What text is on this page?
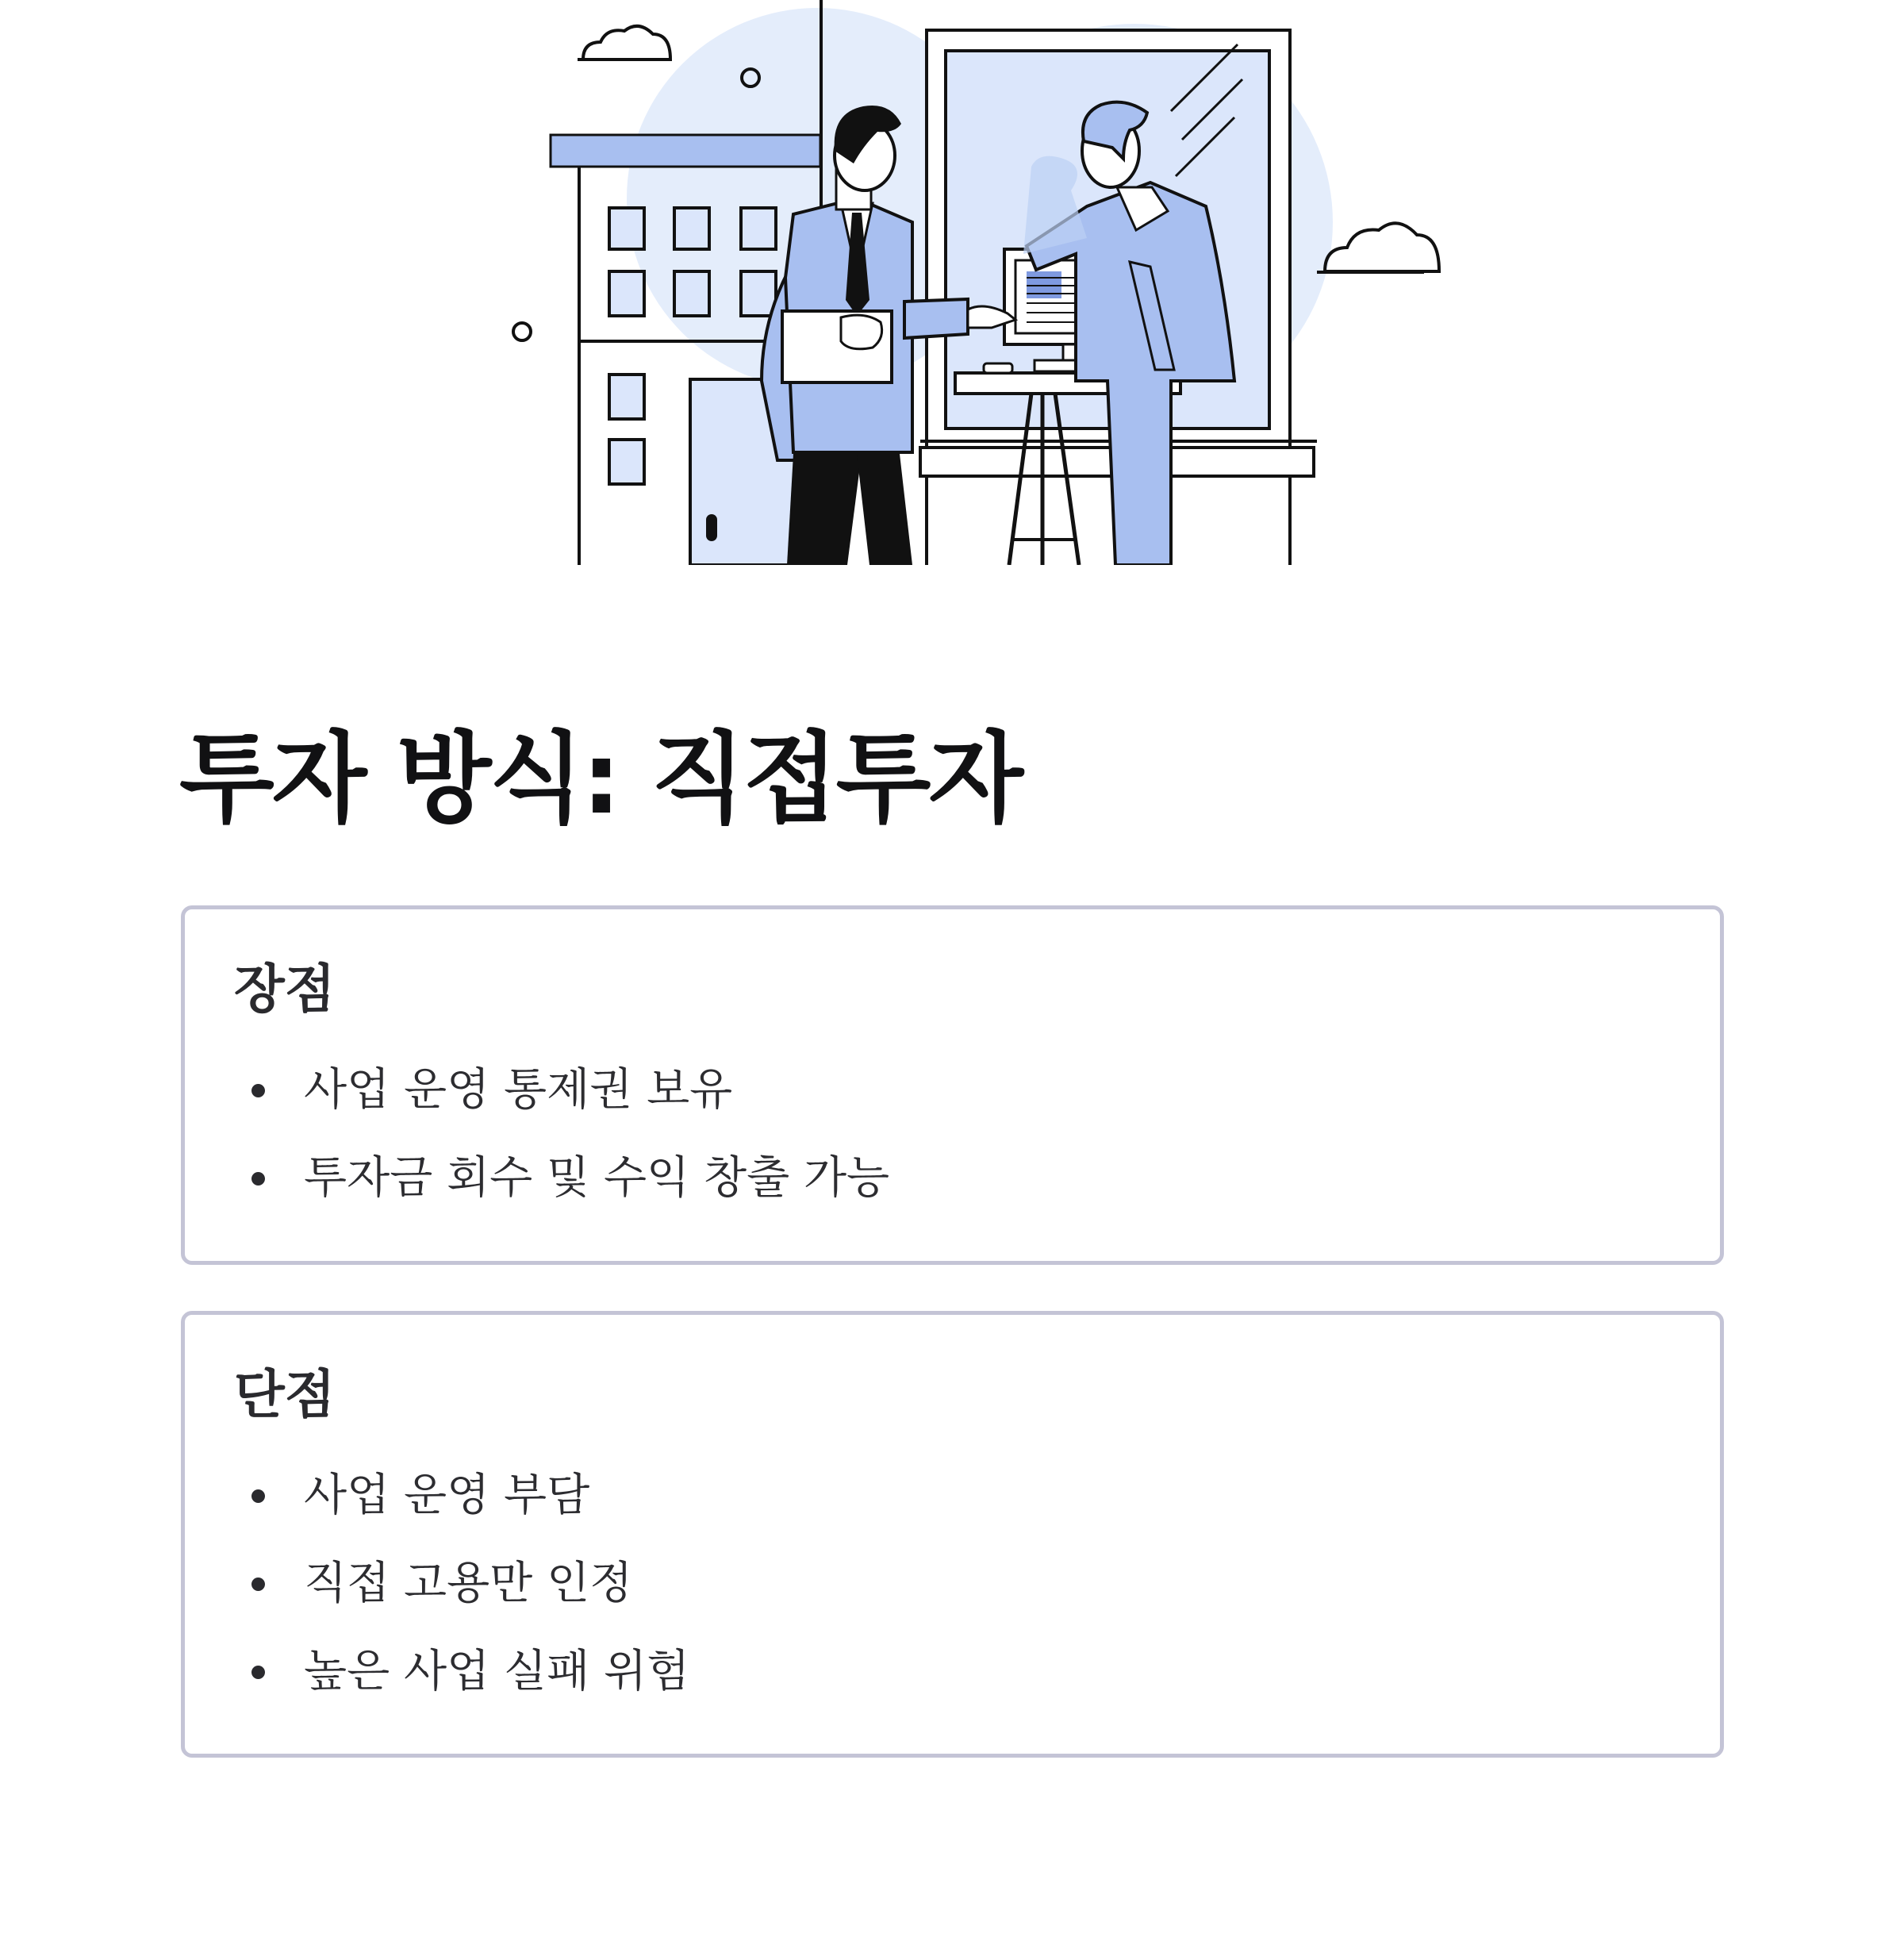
투자 방식: 직접투자
장점
사업 운영 통제권 보유
투자금 회수 및 수익 창출 가능
단점
사업 운영 부담
직접 고용만 인정
높은 사업 실패 위험
